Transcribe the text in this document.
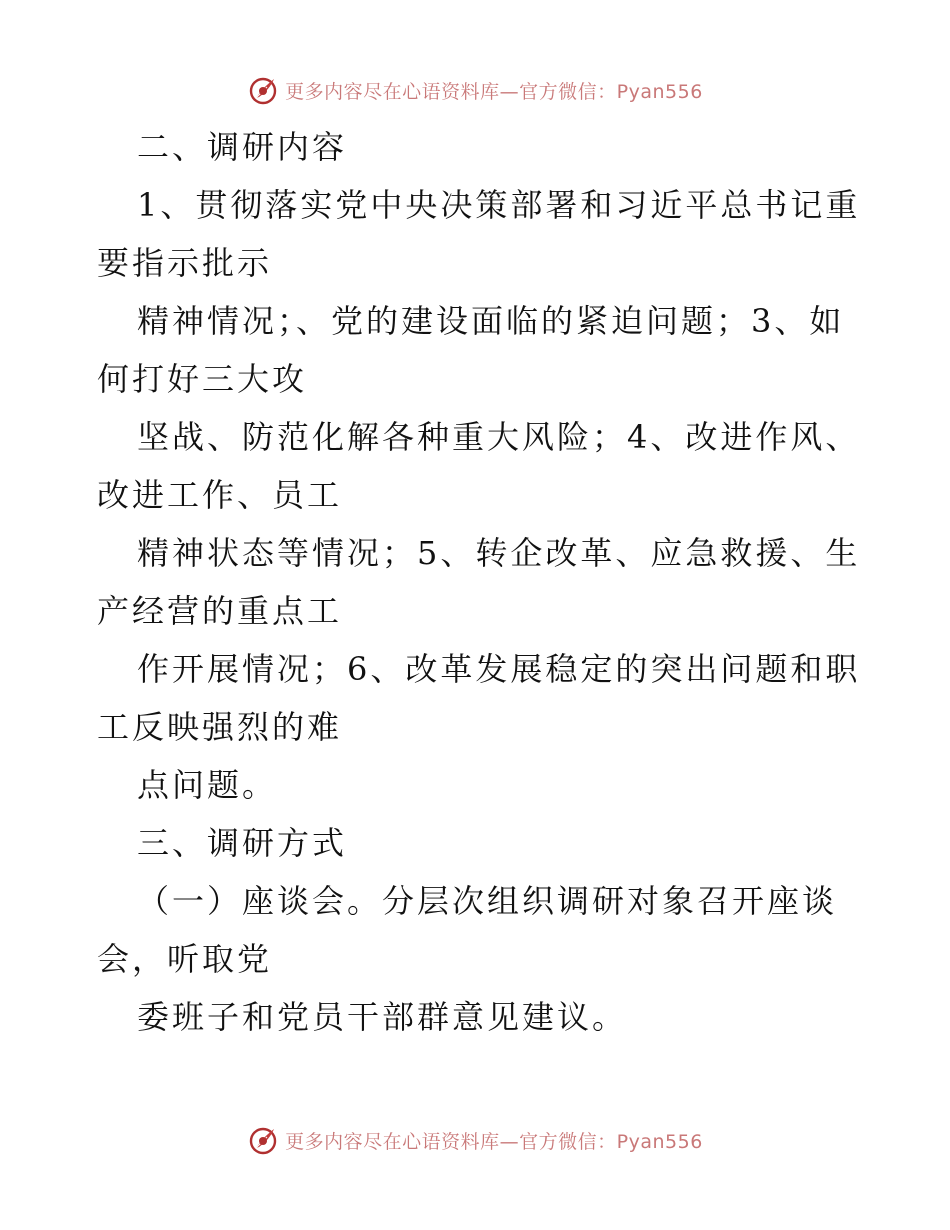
更多内容尽在心语资料库—官方微信：Pyan556
二、调研内容
1、贯彻落实党中央决策部署和习近平总书记重
要指示批示
精神情况；、党的建设面临的紧迫问题；3、如
何打好三大攻
坚战、防范化解各种重大风险；4、改进作风、
改进工作、员工
精神状态等情况；5、转企改革、应急救援、生
产经营的重点工
作开展情况；6、改革发展稳定的突出问题和职
工反映强烈的难
点问题。
三、调研方式
（一）座谈会。分层次组织调研对象召开座谈
会，听取党
委班子和党员干部群意见建议。
更多内容尽在心语资料库—官方微信：Pyan556
